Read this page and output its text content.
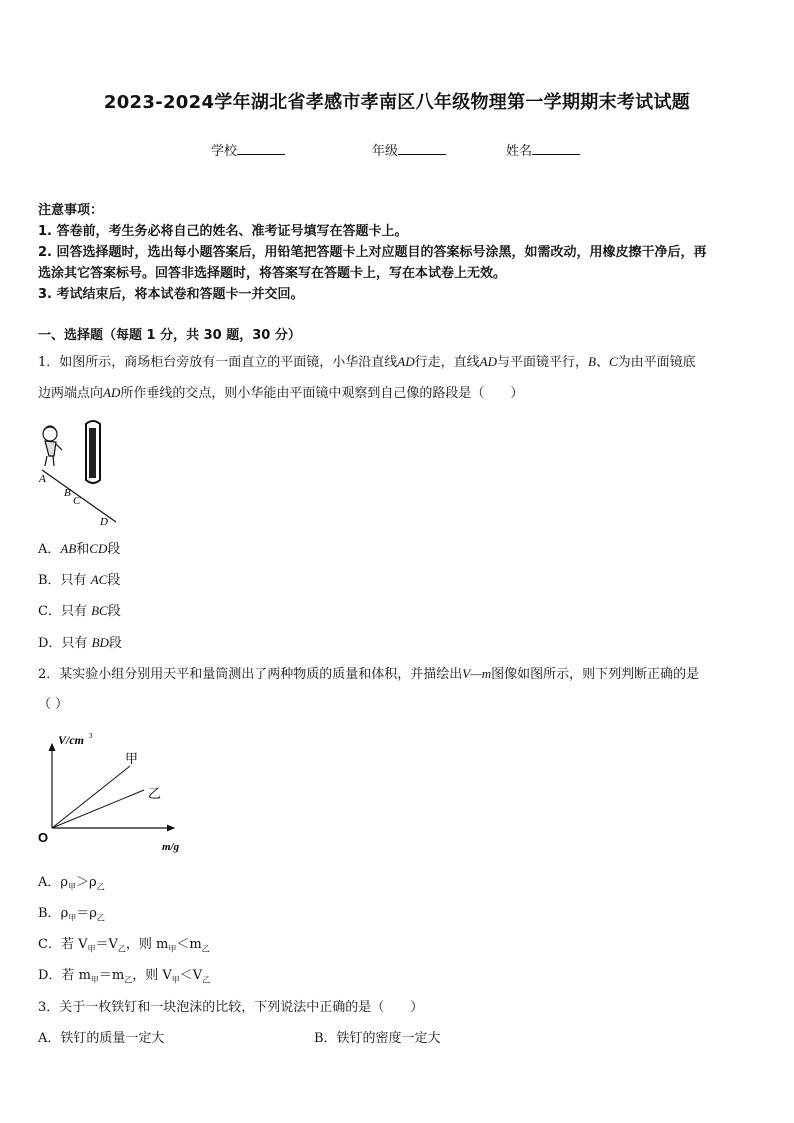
2023-2024学年湖北省孝感市孝南区八年级物理第一学期期末考试试题
学校	年级	姓名
注意事项：
1. 答卷前，考生务必将自己的姓名、准考证号填写在答题卡上。
2. 回答选择题时，选出每小题答案后，用铅笔把答题卡上对应题目的答案标号涂黑，如需改动，用橡皮擦干净后，再
选涂其它答案标号。回答非选择题时，将答案写在答题卡上，写在本试卷上无效。
3. 考试结束后，将本试卷和答题卡一并交回。
一、选择题（每题 1 分，共 30 题，30 分）
1．如图所示，商场柜台旁放有一面直立的平面镜，小华沿直线AD行走，直线AD与平面镜平行，B、C为由平面镜底
边两端点向AD所作垂线的交点，则小华能由平面镜中观察到自己像的路段是（　　）
A
B
C
D
A．AB和CD段
B．只有 AC段
C．只有 BC段
D．只有 BD段
2．某实验小组分别用天平和量筒测出了两种物质的质量和体积，并描绘出V—m图像如图所示，则下列判断正确的是
（ ）
V/cm 3
m/g
O
甲
乙
A．$\rho_甲>\rho_乙$
B．$\rho_甲=\rho_乙$
C．若 $V_甲=V_乙$，则 $m_甲<m_乙$
D．若 $m_甲=m_乙$，则 $V_甲<V_乙$
3．关于一枚铁钉和一块泡沫的比较，下列说法中正确的是（　　）
A．铁钉的质量一定大	B．铁钉的密度一定大
